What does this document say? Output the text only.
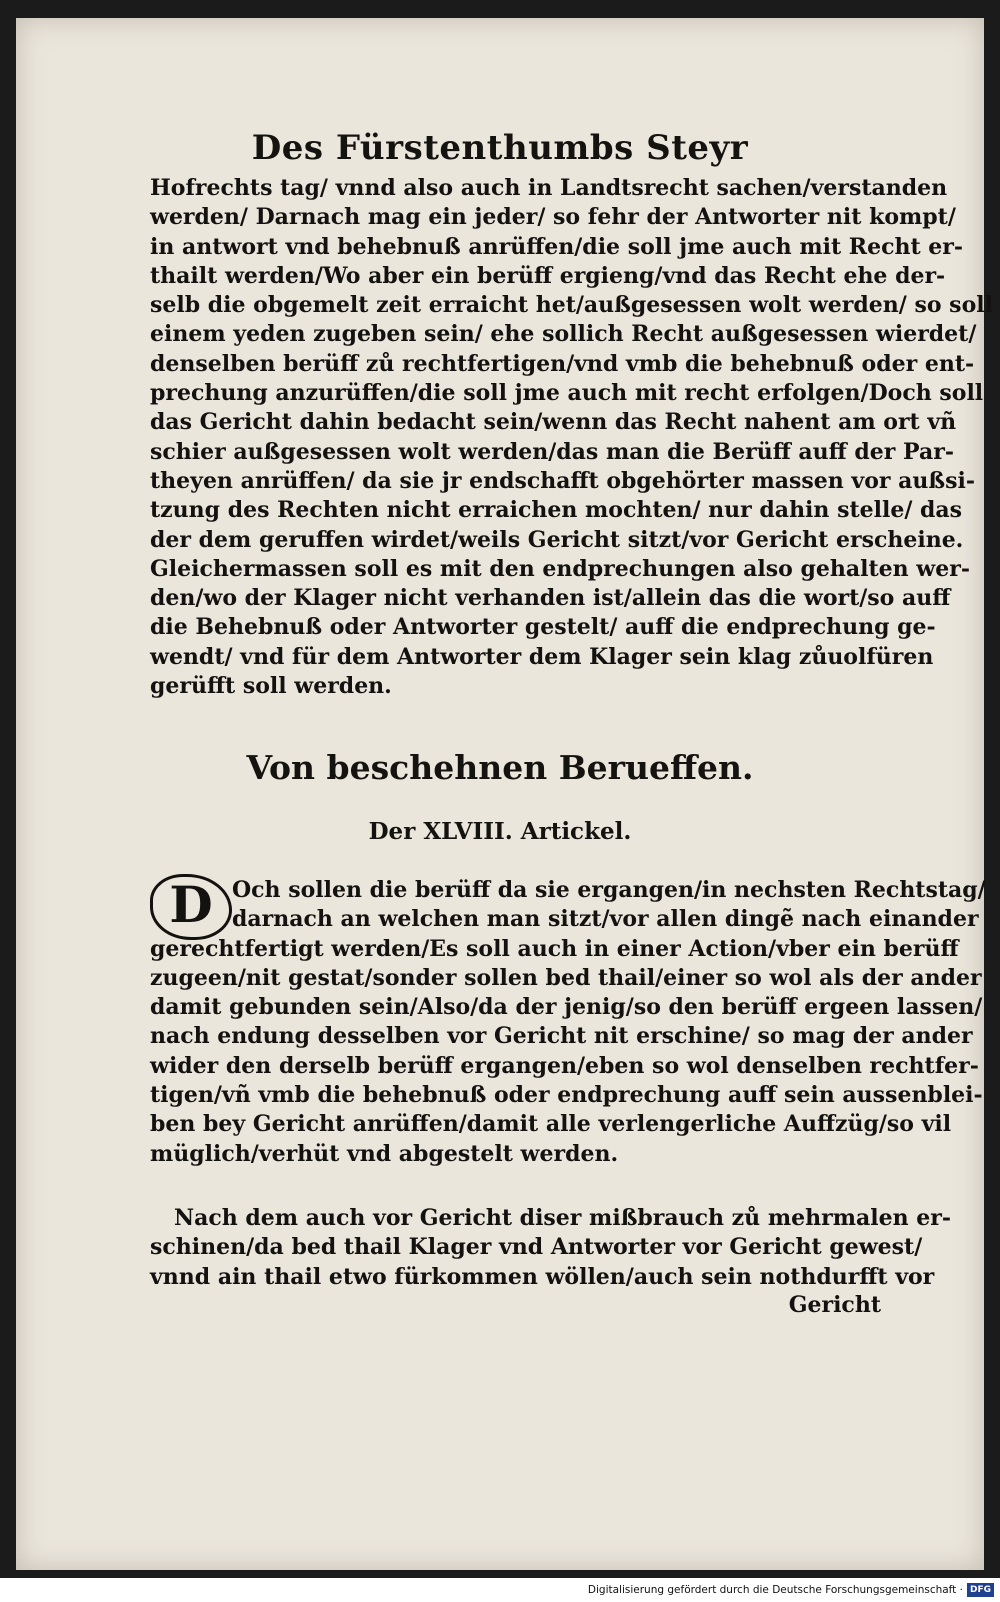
Des Fürstenthumbs Steyr
Hofrechts tag/ vnnd also auch in Landtsrecht sachen/verstanden
werden/ Darnach mag ein jeder/ so fehr der Antworter nit kompt/
in antwort vnd behebnuß anrüffen/die soll jme auch mit Recht er-
thailt werden/Wo aber ein berüff ergieng/vnd das Recht ehe der-
selb die obgemelt zeit erraicht het/außgesessen wolt werden/ so soll
einem yeden zugeben sein/ ehe sollich Recht außgesessen wierdet/
denselben berüff zů rechtfertigen/vnd vmb die behebnuß oder ent-
prechung anzurüffen/die soll jme auch mit recht erfolgen/Doch soll
das Gericht dahin bedacht sein/wenn das Recht nahent am ort vñ
schier außgesessen wolt werden/das man die Berüff auff der Par-
theyen anrüffen/ da sie jr endschafft obgehörter massen vor außsi-
tzung des Rechten nicht erraichen mochten/ nur dahin stelle/ das
der dem geruffen wirdet/weils Gericht sitzt/vor Gericht erscheine.
Gleichermassen soll es mit den endprechungen also gehalten wer-
den/wo der Klager nicht verhanden ist/allein das die wort/so auff
die Behebnuß oder Antworter gestelt/ auff die endprechung ge-
wendt/ vnd für dem Antworter dem Klager sein klag zůuolfüren
gerüfft soll werden.
Von beschehnen Berueffen.
Der XLVIII. Artickel.
D Och sollen die berüff da sie ergangen/in nechsten Rechtstag/
darnach an welchen man sitzt/vor allen dingẽ nach einander
gerechtfertigt werden/Es soll auch in einer Action/vber ein berüff
zugeen/nit gestat/sonder sollen bed thail/einer so wol als der ander
damit gebunden sein/Also/da der jenig/so den berüff ergeen lassen/
nach endung desselben vor Gericht nit erschine/ so mag der ander
wider den derselb berüff ergangen/eben so wol denselben rechtfer-
tigen/vñ vmb die behebnuß oder endprechung auff sein aussenblei-
ben bey Gericht anrüffen/damit alle verlengerliche Auffzüg/so vil
müglich/verhüt vnd abgestelt werden.
Nach dem auch vor Gericht diser mißbrauch zů mehrmalen er-
schinen/da bed thail Klager vnd Antworter vor Gericht gewest/
vnnd ain thail etwo fürkommen wöllen/auch sein nothdurfft vor
Gericht
Digitalisierung gefördert durch die Deutsche Forschungsgemeinschaft · DFG
